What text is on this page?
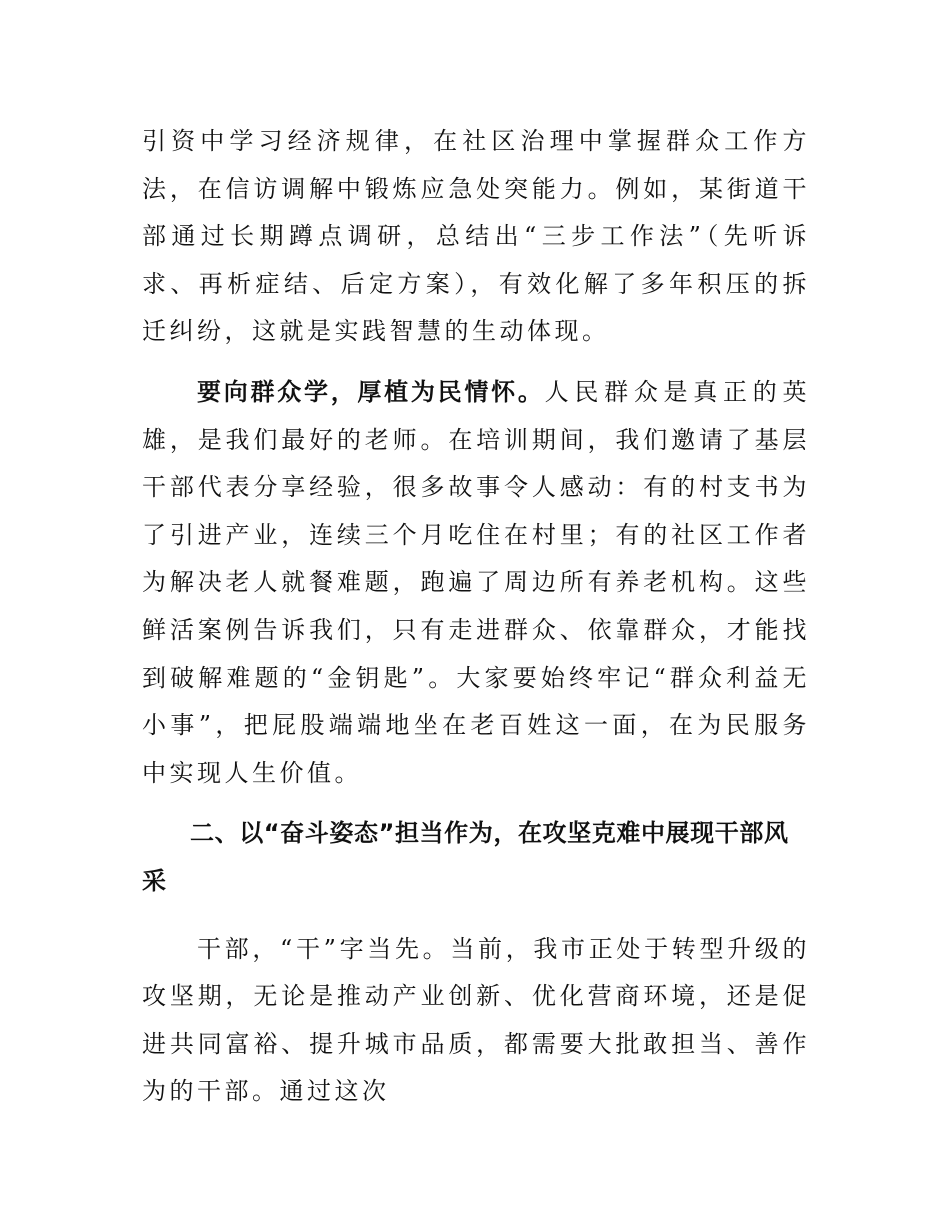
引资中学习经济规律，在社区治理中掌握群众工作方法，在信访调解中锻炼应急处突能力。例如，某街道干部通过长期蹲点调研，总结出“三步工作法”（先听诉求、再析症结、后定方案），有效化解了多年积压的拆迁纠纷，这就是实践智慧的生动体现。

要向群众学，厚植为民情怀。人民群众是真正的英雄，是我们最好的老师。在培训期间，我们邀请了基层干部代表分享经验，很多故事令人感动：有的村支书为了引进产业，连续三个月吃住在村里；有的社区工作者为解决老人就餐难题，跑遍了周边所有养老机构。这些鲜活案例告诉我们，只有走进群众、依靠群众，才能找到破解难题的“金钥匙”。大家要始终牢记“群众利益无小事”，把屁股端端地坐在老百姓这一面，在为民服务中实现人生价值。

二、以“奋斗姿态”担当作为，在攻坚克难中展现干部风采

干部，“干”字当先。当前，我市正处于转型升级的攻坚期，无论是推动产业创新、优化营商环境，还是促进共同富裕、提升城市品质，都需要大批敢担当、善作为的干部。通过这次
